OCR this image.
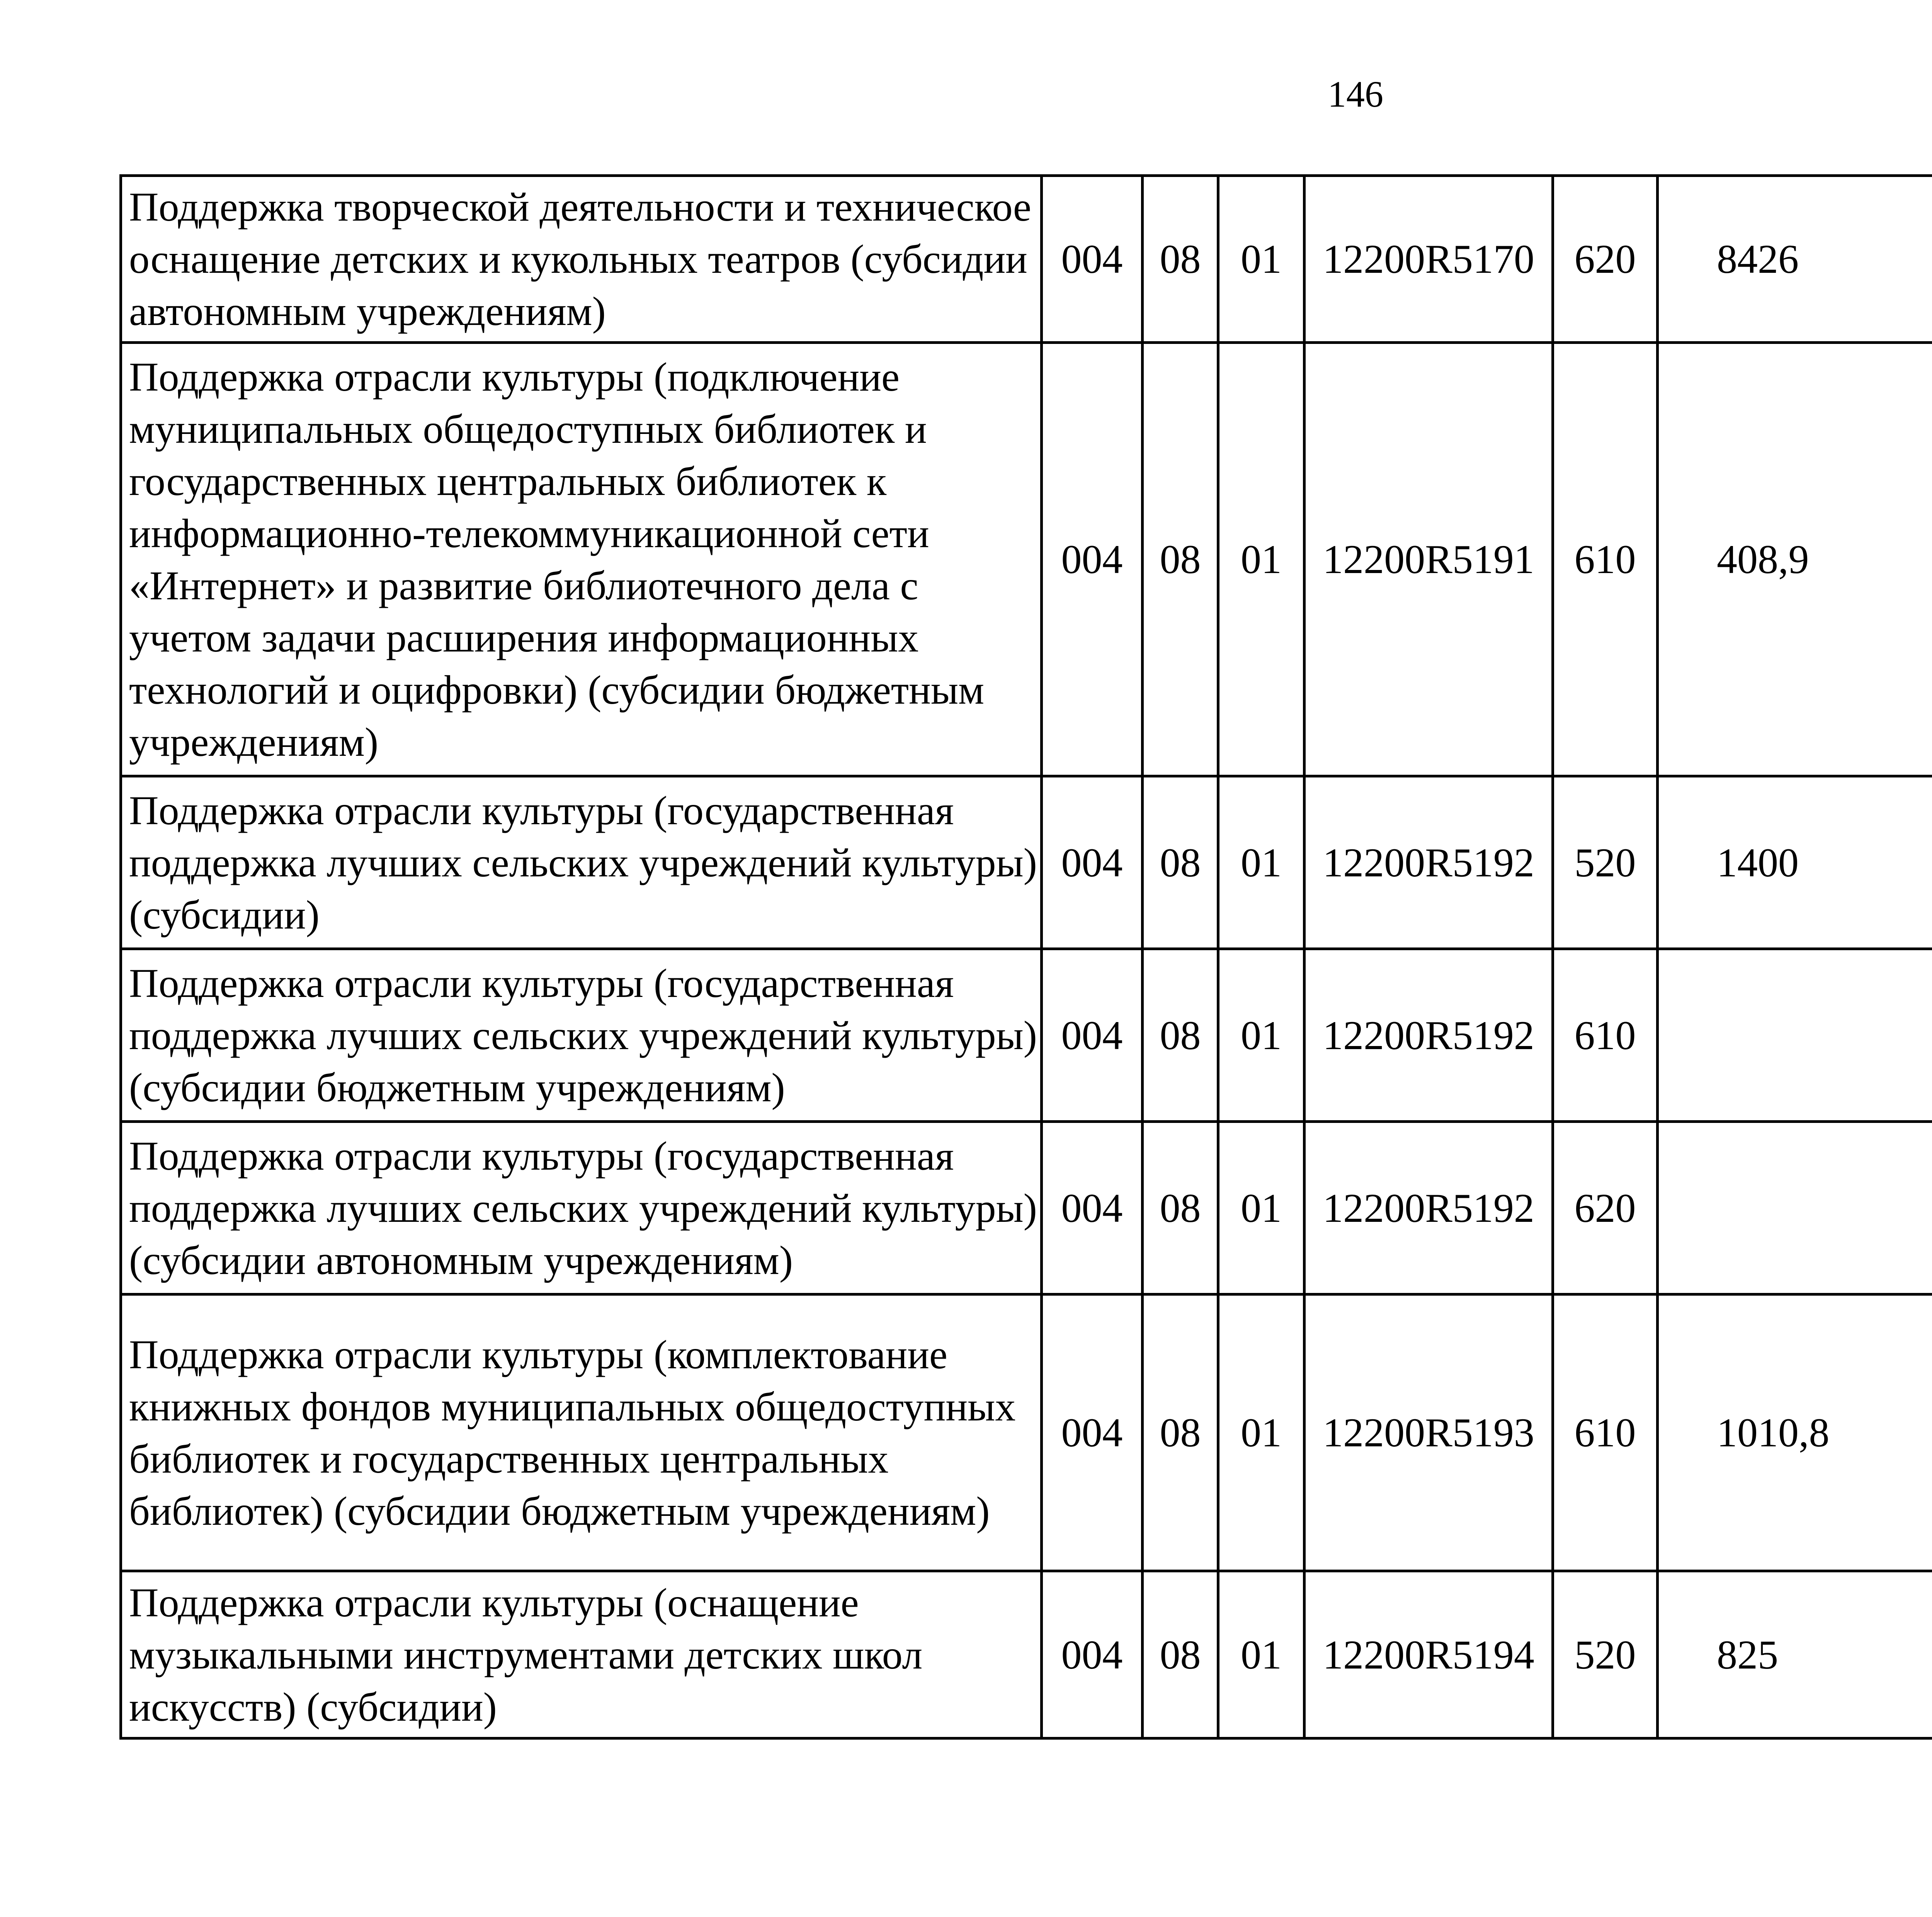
146
Поддержка творческой деятельности и техническое оснащение детских и кукольных театров (субсидии автономным учреждениям)	004	08	01	12200R5170	620	8426		
Поддержка отрасли культуры (подключение муниципальных общедоступных библиотек и государственных центральных библиотек к информационно-телекоммуникационной сети «Интернет» и развитие библиотечного дела с учетом задачи расширения информационных технологий и оцифровки) (субсидии бюджетным учреждениям)	004	08	01	12200R5191	610	408,9		
Поддержка отрасли культуры (государственная поддержка лучших сельских учреждений культуры) (субсидии)	004	08	01	12200R5192	520	1400		
Поддержка отрасли культуры (государственная поддержка лучших сельских учреждений культуры) (субсидии бюджетным учреждениям)	004	08	01	12200R5192	610			
Поддержка отрасли культуры (государственная поддержка лучших сельских учреждений культуры) (субсидии автономным учреждениям)	004	08	01	12200R5192	620			
Поддержка отрасли культуры (комплектование книжных фондов муниципальных общедоступных библиотек и государственных центральных библиотек) (субсидии бюджетным учреждениям)	004	08	01	12200R5193	610	1010,8		
Поддержка отрасли культуры (оснащение музыкальными инструментами детских школ искусств) (субсидии)	004	08	01	12200R5194	520	825		
